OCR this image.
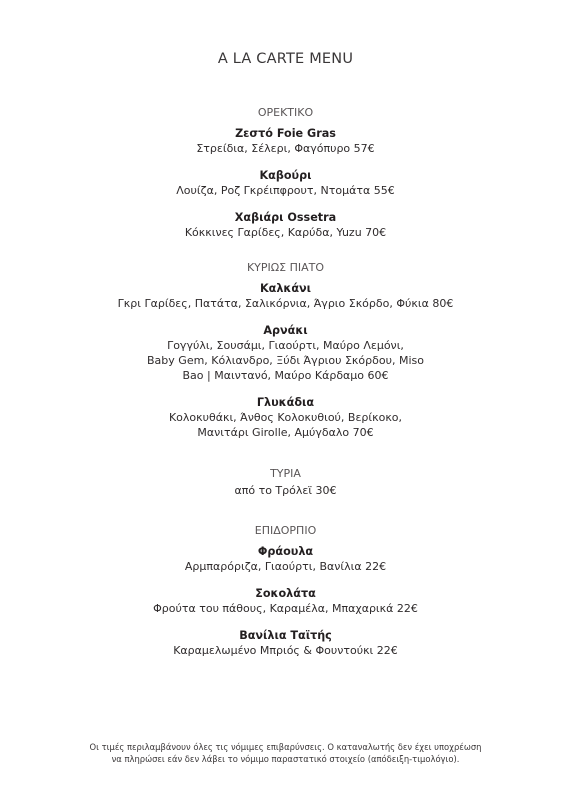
A LA CARTE MENU
ΟΡΕΚΤΙΚΟ
Ζεστό Foie Gras
Στρείδια, Σέλερι, Φαγόπυρο 57€
Καβούρι
Λουίζα, Ροζ Γκρέιπφρουτ, Ντομάτα 55€
Χαβιάρι Ossetra
Κόκκινες Γαρίδες, Καρύδα, Yuzu 70€
ΚΥΡΙΩΣ ΠΙΑΤΟ
Καλκάνι
Γκρι Γαρίδες, Πατάτα, Σαλικόρνια, Άγριο Σκόρδο, Φύκια 80€
Αρνάκι
Γογγύλι, Σουσάμι, Γιαούρτι, Μαύρο Λεμόνι,
Baby Gem, Κόλιανδρο, Ξύδι Άγριου Σκόρδου, Miso
Bao | Μαιντανό, Μαύρο Κάρδαμο 60€
Γλυκάδια
Κολοκυθάκι, Άνθος Κολοκυθιού, Βερίκοκο,
Μανιτάρι Girolle, Αμύγδαλο 70€
ΤΥΡΙΑ
από το Τρόλεϊ 30€
ΕΠΙΔΟΡΠΙΟ
Φράουλα
Αρμπαρόριζα, Γιαούρτι, Βανίλια 22€
Σοκολάτα
Φρούτα του πάθους, Καραμέλα, Μπαχαρικά 22€
Βανίλια Ταϊτής
Καραμελωμένο Μπριός & Φουντούκι 22€
Οι τιμές περιλαμβάνουν όλες τις νόμιμες επιβαρύνσεις. Ο καταναλωτής δεν έχει υποχρέωση
να πληρώσει εάν δεν λάβει το νόμιμο παραστατικό στοιχείο (απόδειξη-τιμολόγιο).
